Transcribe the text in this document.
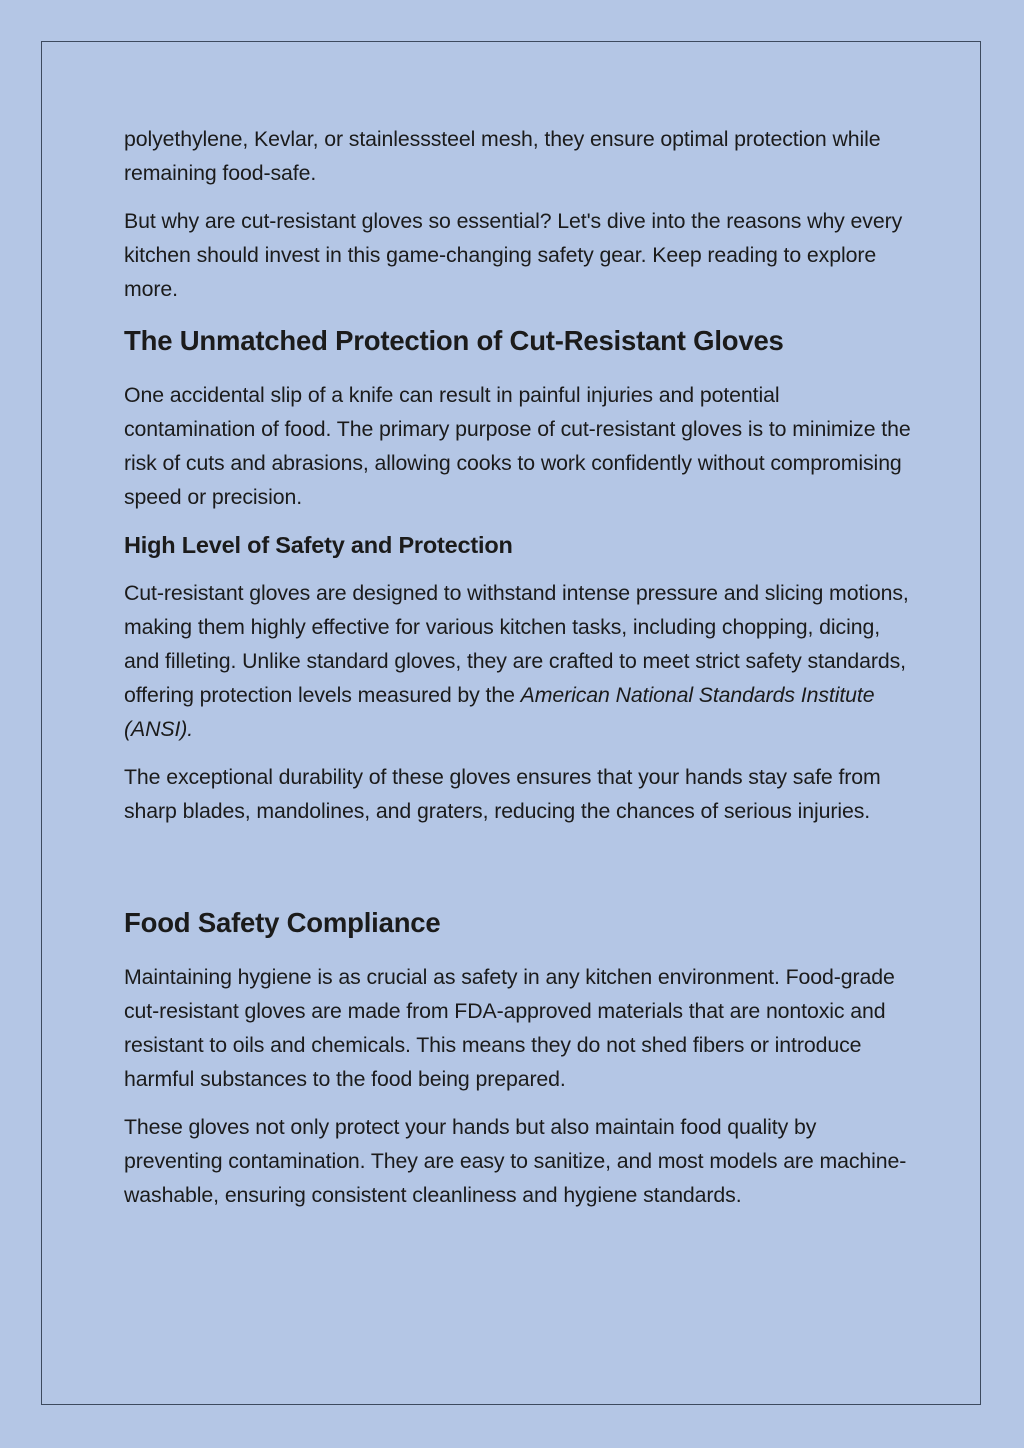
polyethylene, Kevlar, or stainlesssteel mesh, they ensure optimal protection while remaining food-safe.

But why are cut-resistant gloves so essential? Let's dive into the reasons why every kitchen should invest in this game-changing safety gear. Keep reading to explore more.

The Unmatched Protection of Cut-Resistant Gloves

One accidental slip of a knife can result in painful injuries and potential contamination of food. The primary purpose of cut-resistant gloves is to minimize the risk of cuts and abrasions, allowing cooks to work confidently without compromising speed or precision.

High Level of Safety and Protection

Cut-resistant gloves are designed to withstand intense pressure and slicing motions, making them highly effective for various kitchen tasks, including chopping, dicing, and filleting. Unlike standard gloves, they are crafted to meet strict safety standards, offering protection levels measured by the American National Standards Institute (ANSI).

The exceptional durability of these gloves ensures that your hands stay safe from sharp blades, mandolines, and graters, reducing the chances of serious injuries.

Food Safety Compliance

Maintaining hygiene is as crucial as safety in any kitchen environment. Food-grade cut-resistant gloves are made from FDA-approved materials that are nontoxic and resistant to oils and chemicals. This means they do not shed fibers or introduce harmful substances to the food being prepared.

These gloves not only protect your hands but also maintain food quality by preventing contamination. They are easy to sanitize, and most models are machine-washable, ensuring consistent cleanliness and hygiene standards.
